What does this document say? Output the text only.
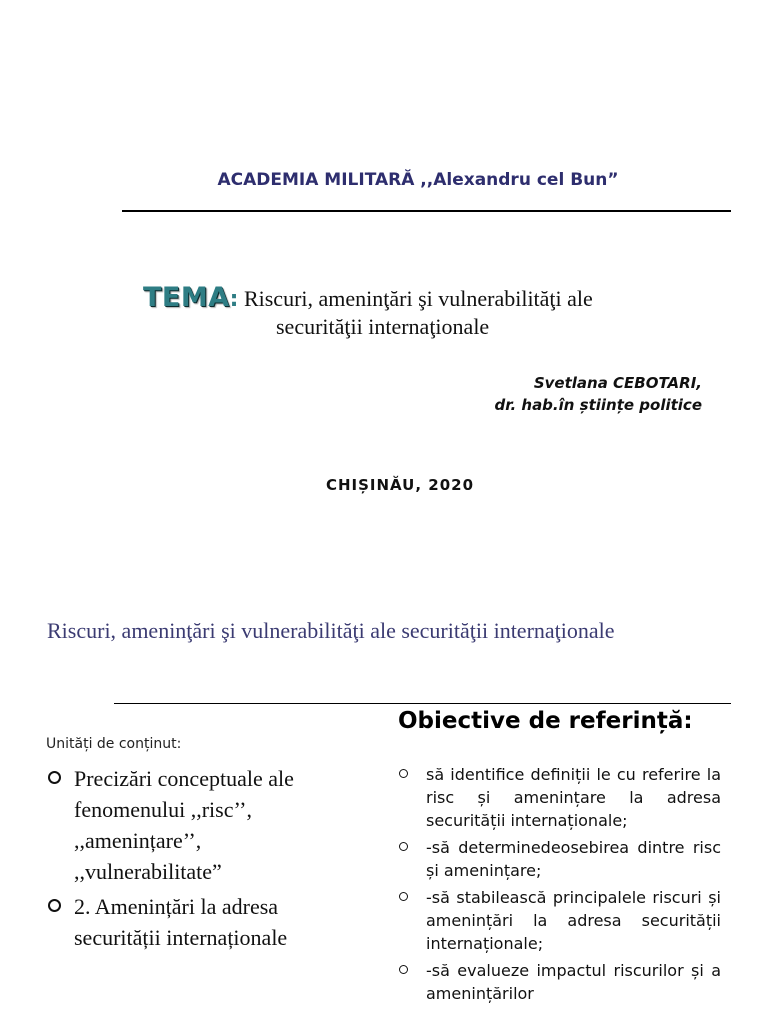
ACADEMIA MILITARĂ ,,Alexandru cel Bun”
TEMA: Riscuri, ameninţări şi vulnerabilităţi ale
securităţii internaţionale
Svetlana CEBOTARI,
dr. hab.în științe politice
CHIȘINĂU, 2020
Riscuri, ameninţări şi vulnerabilităţi ale securităţii internaţionale
Unități de conținut:
Precizări conceptuale ale fenomenului ,,risc’’, ,,amenințare’’, ,,vulnerabilitate”
2. Amenințări la adresa securității internaționale
Obiective de referință:
să identifice definiții le cu referire la risc și amenințare la adresa securității internaționale;
-să determinedeosebirea dintre risc și amenințare;
-să stabilească principalele riscuri și amenințări la adresa securității internaționale;
-să evalueze impactul riscurilor și a amenințărilor
